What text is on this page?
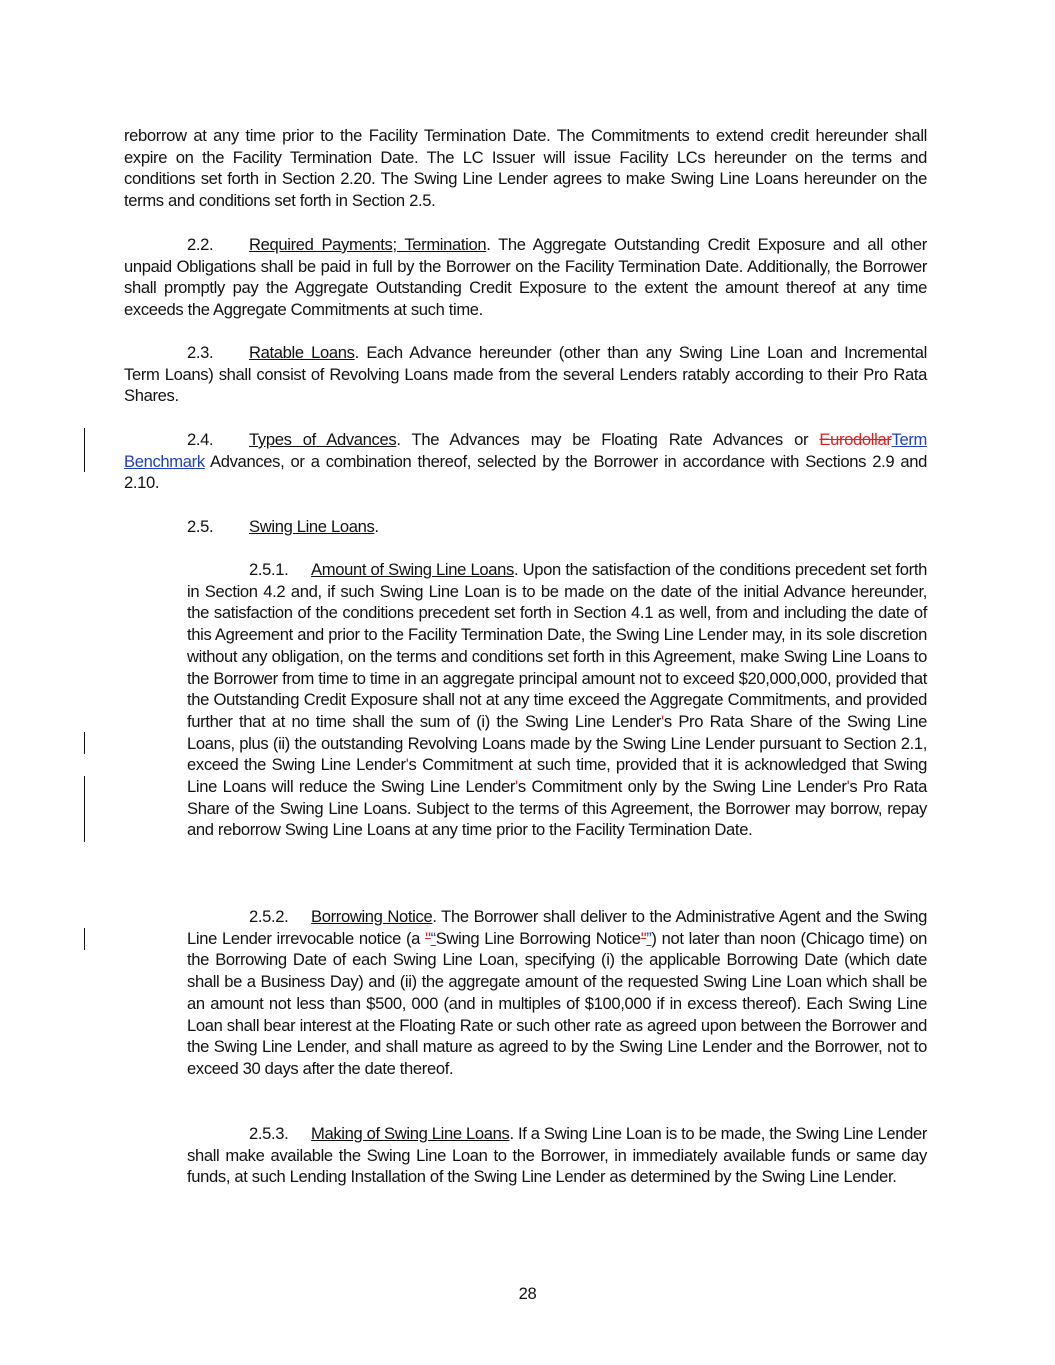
reborrow at any time prior to the Facility Termination Date. The Commitments to extend credit hereunder shall expire on the Facility Termination Date. The LC Issuer will issue Facility LCs hereunder on the terms and conditions set forth in Section 2.20. The Swing Line Lender agrees to make Swing Line Loans hereunder on the terms and conditions set forth in Section 2.5.

2.2. Required Payments; Termination. The Aggregate Outstanding Credit Exposure and all other unpaid Obligations shall be paid in full by the Borrower on the Facility Termination Date. Additionally, the Borrower shall promptly pay the Aggregate Outstanding Credit Exposure to the extent the amount thereof at any time exceeds the Aggregate Commitments at such time.

2.3. Ratable Loans. Each Advance hereunder (other than any Swing Line Loan and Incremental Term Loans) shall consist of Revolving Loans made from the several Lenders ratably according to their Pro Rata Shares.

2.4. Types of Advances. The Advances may be Floating Rate Advances or EurodollarTerm Benchmark Advances, or a combination thereof, selected by the Borrower in accordance with Sections 2.9 and 2.10.

2.5. Swing Line Loans.

2.5.1. Amount of Swing Line Loans. Upon the satisfaction of the conditions precedent set forth in Section 4.2 and, if such Swing Line Loan is to be made on the date of the initial Advance hereunder, the satisfaction of the conditions precedent set forth in Section 4.1 as well, from and including the date of this Agreement and prior to the Facility Termination Date, the Swing Line Lender may, in its sole discretion without any obligation, on the terms and conditions set forth in this Agreement, make Swing Line Loans to the Borrower from time to time in an aggregate principal amount not to exceed $20,000,000, provided that the Outstanding Credit Exposure shall not at any time exceed the Aggregate Commitments, and provided further that at no time shall the sum of (i) the Swing Line Lender's Pro Rata Share of the Swing Line Loans, plus (ii) the outstanding Revolving Loans made by the Swing Line Lender pursuant to Section 2.1, exceed the Swing Line Lender's Commitment at such time, provided that it is acknowledged that Swing Line Loans will reduce the Swing Line Lender's Commitment only by the Swing Line Lender's Pro Rata Share of the Swing Line Loans. Subject to the terms of this Agreement, the Borrower may borrow, repay and reborrow Swing Line Loans at any time prior to the Facility Termination Date.

2.5.2. Borrowing Notice. The Borrower shall deliver to the Administrative Agent and the Swing Line Lender irrevocable notice (a "“Swing Line Borrowing Notice"”) not later than noon (Chicago time) on the Borrowing Date of each Swing Line Loan, specifying (i) the applicable Borrowing Date (which date shall be a Business Day) and (ii) the aggregate amount of the requested Swing Line Loan which shall be an amount not less than $500, 000 (and in multiples of $100,000 if in excess thereof). Each Swing Line Loan shall bear interest at the Floating Rate or such other rate as agreed upon between the Borrower and the Swing Line Lender, and shall mature as agreed to by the Swing Line Lender and the Borrower, not to exceed 30 days after the date thereof.

2.5.3. Making of Swing Line Loans. If a Swing Line Loan is to be made, the Swing Line Lender shall make available the Swing Line Loan to the Borrower, in immediately available funds or same day funds, at such Lending Installation of the Swing Line Lender as determined by the Swing Line Lender.

28
